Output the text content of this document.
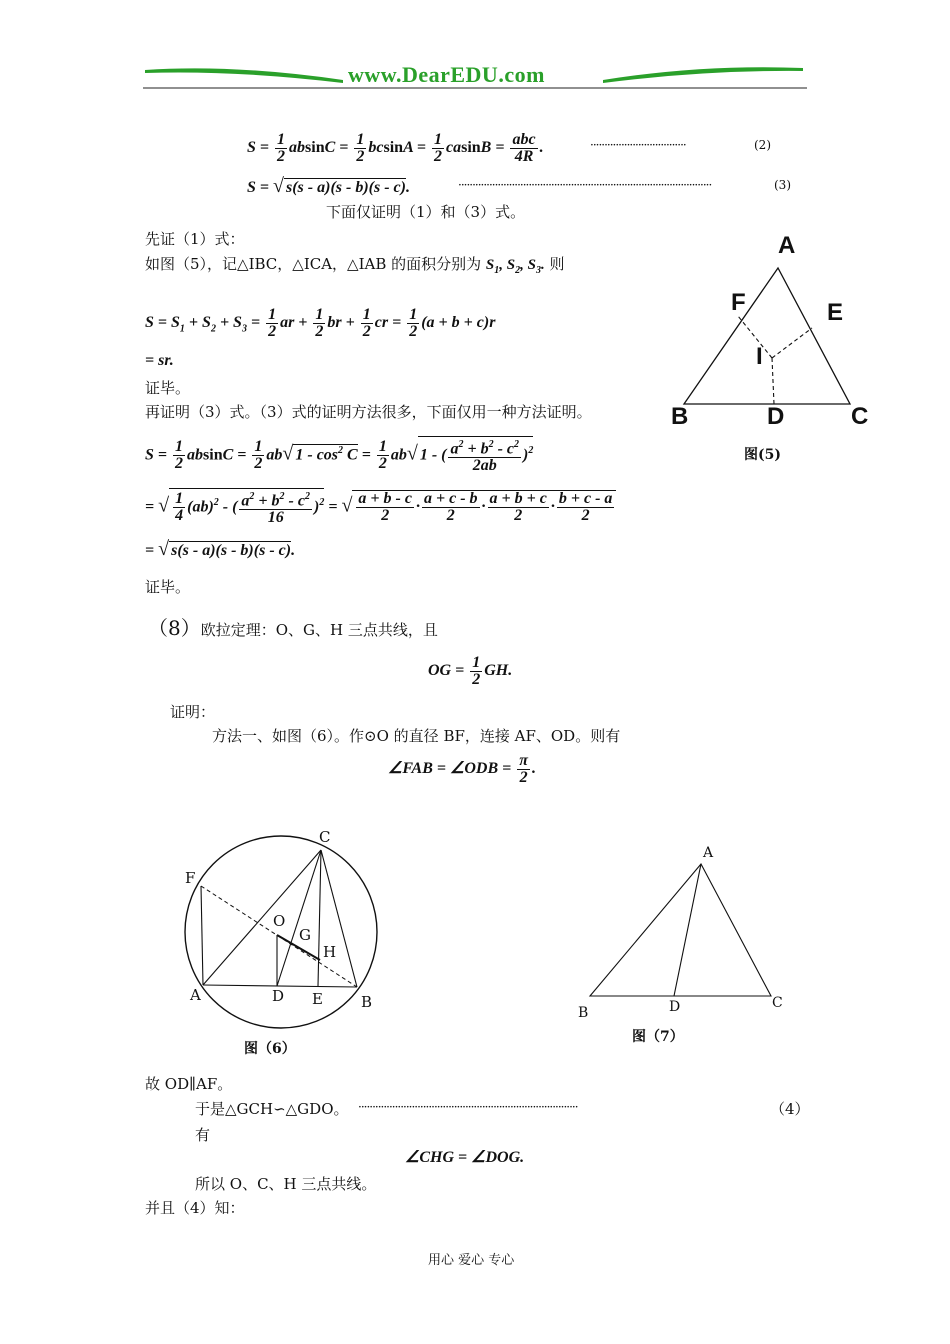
www.DearEDU.com
$S = \frac{1}{2}$ $absinC = \frac{1}{2}$ $bcsinA = \frac{1}{2}$ $casinB = \frac{\text{abc}}{4R}$ .	··································	(2)
S = √ s(s - a)(s - b)(s - c).	··························································································	(3)
下面仅证明（1）和（3）式。
先证（1）式：
如图（5），记△IBC，△ICA，△IAB 的面积分别为 $S_1$, $S_2$, $S_3$. 则
$S = S_1 + S_2 + S_3 = \frac{1}{2}$ ar + $\frac{1}{2}$ br + $\frac{1}{2}$ cr = $\frac{1}{2} (a + b + c)r$
= sr.
证毕。
再证明（3）式。（3）式的证明方法很多，下面仅用一种方法证明。
$S = \frac{1}{2}$ $absinC = \frac{1}{2} ab√$ $1 - \cos^2 C = \frac{1}{2} ab√$ 1 - ( $\frac{a^2 + b^2 - c^2}{2ab} )^2$
= √ $\frac{1}{4} (ab)^2$ - ( $\frac{a^2 + b^2 - c^2}{16} )^2$ = √ $\frac{a + b - c}{2} \cdot \frac{a + c - b}{2} \cdot \frac{a + b + c}{2} \cdot \frac{b + c - a}{2}$
= √ s(s - a)(s - b)(s - c).
证毕。
A
F	E
I
B	D	C
图(5)
（8）欧拉定理：O、G、H 三点共线，且
OG = $\frac{1}{2}$ GH.
证明：
方法一、如图（6）。作⊙O 的直径 BF，连接 AF、OD。则有
∠FAB = ∠ODB = $\frac{\pi}{2}$ .
C
F
O
G
H
A	D E	B
图（6）
A
B	D	C
图（7）
故 OD∥AF。
于是△GCH∽△GDO。 ··············································································	（4）
有
∠CHG = ∠DOG.
所以 O、C、H 三点共线。
并且（4）知：
用心 爱心 专心
